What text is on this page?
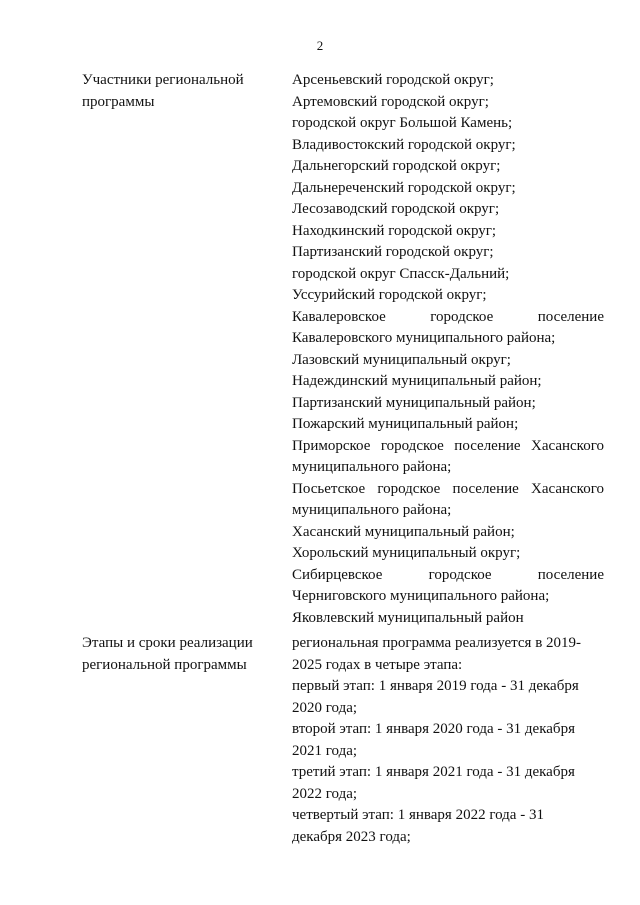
2
Участники региональной
программы
Арсеньевский городской округ;
Артемовский городской округ;
городской округ Большой Камень;
Владивостокский городской округ;
Дальнегорский городской округ;
Дальнереченский городской округ;
Лесозаводский городской округ;
Находкинский городской округ;
Партизанский городской округ;
городской округ Спасск-Дальний;
Уссурийский городской округ;
Кавалеровское городское поселение
Кавалеровского муниципального района;
Лазовский муниципальный округ;
Надеждинский муниципальный район;
Партизанский муниципальный район;
Пожарский муниципальный район;
Приморское городское поселение Хасанского
муниципального района;
Посьетское городское поселение Хасанского
муниципального района;
Хасанский муниципальный район;
Хорольский муниципальный округ;
Сибирцевское городское поселение
Черниговского муниципального района;
Яковлевский муниципальный район
Этапы и сроки реализации
региональной программы
региональная программа реализуется в 2019-
2025 годах в четыре этапа:
первый этап: 1 января 2019 года - 31 декабря
2020 года;
второй этап: 1 января 2020 года - 31 декабря
2021 года;
третий этап: 1 января 2021 года - 31 декабря
2022 года;
четвертый этап: 1 января 2022 года - 31
декабря 2023 года;
